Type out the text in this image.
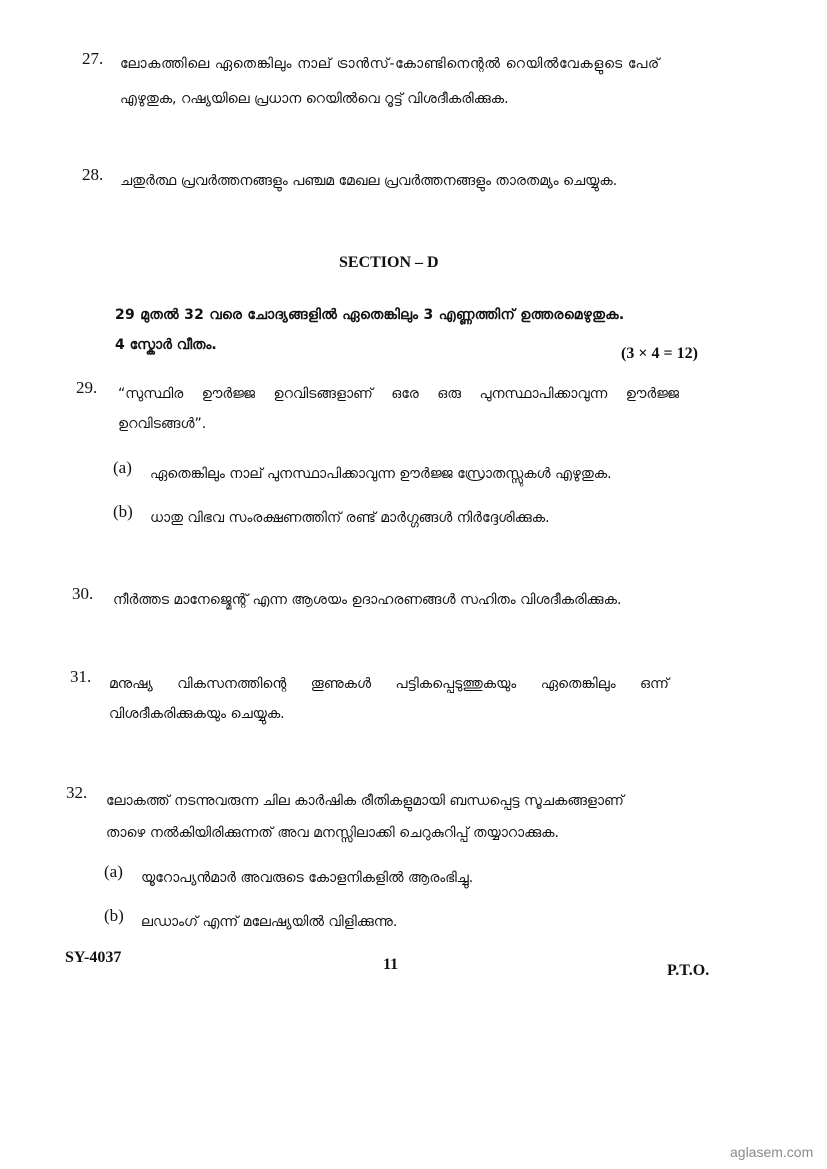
27. ലോകത്തിലെ ഏതെങ്കിലും നാല് ട്രാൻസ്-കോണ്ടിനെന്റൽ റെയിൽവേകളുടെ പേര്
എഴുതുക, റഷ്യയിലെ പ്രധാന റെയിൽവെ റൂട്ട് വിശദീകരിക്കുക.
28. ചതുർത്ഥ പ്രവർത്തനങ്ങളും പഞ്ചമ മേഖല പ്രവർത്തനങ്ങളും താരതമ്യം ചെയ്യുക.
SECTION – D
29 മുതൽ 32 വരെ ചോദ്യങ്ങളിൽ ഏതെങ്കിലും 3 എണ്ണത്തിന് ഉത്തരമെഴുതുക.
4 സ്കോർ വീതം.	(3 × 4 = 12)
29. “സുസ്ഥിര ഊർജ്ജ ഉറവിടങ്ങളാണ് ഒരേ ഒരു പുനസ്ഥാപിക്കാവുന്ന ഊർജ്ജ
ഉറവിടങ്ങൾ”.
(a) ഏതെങ്കിലും നാല് പുനസ്ഥാപിക്കാവുന്ന ഊർജ്ജ സ്രോതസ്സുകൾ എഴുതുക.
(b) ധാതു വിഭവ സംരക്ഷണത്തിന് രണ്ട് മാർഗ്ഗങ്ങൾ നിർദ്ദേശിക്കുക.
30. നീർത്തട മാനേജ്മെന്റ് എന്ന ആശയം ഉദാഹരണങ്ങൾ സഹിതം വിശദീകരിക്കുക.
31. മനുഷ്യ വികസനത്തിന്റെ തൂണുകൾ പട്ടികപ്പെടുത്തുകയും ഏതെങ്കിലും ഒന്ന്
വിശദീകരിക്കുകയും ചെയ്യുക.
32. ലോകത്ത് നടന്നുവരുന്ന ചില കാർഷിക രീതികളുമായി ബന്ധപ്പെട്ട സൂചകങ്ങളാണ്
താഴെ നൽകിയിരിക്കുന്നത് അവ മനസ്സിലാക്കി ചെറുകുറിപ്പ് തയ്യാറാക്കുക.
(a) യൂറോപ്യൻമാർ അവരുടെ കോളനികളിൽ ആരംഭിച്ചു.
(b) ലഡാംഗ് എന്ന് മലേഷ്യയിൽ വിളിക്കുന്നു.
SY-4037	11	P.T.O.
aglasem.com
